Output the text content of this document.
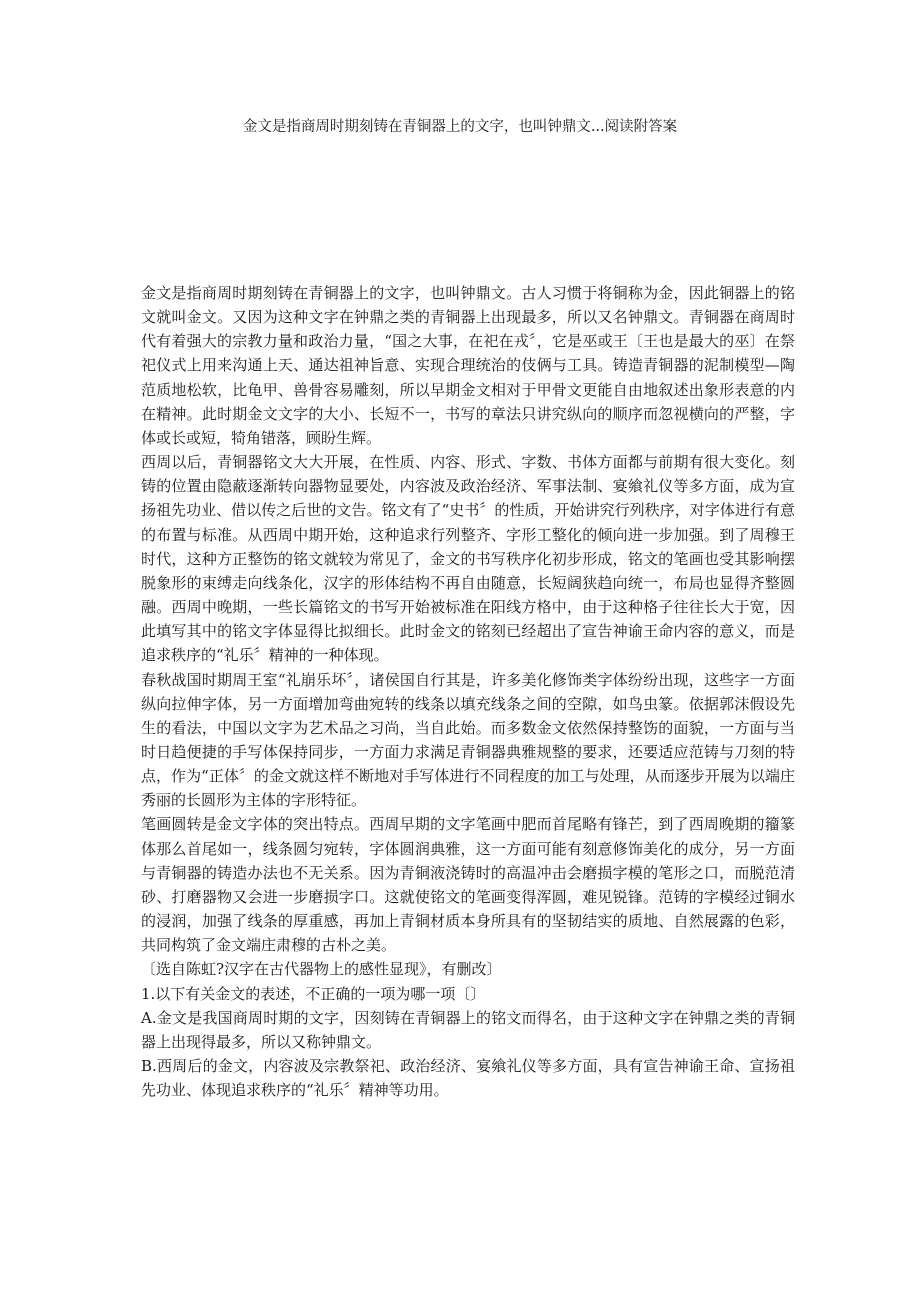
金文是指商周时期刻铸在青铜器上的文字，也叫钟鼎文...阅读附答案

金文是指商周时期刻铸在青铜器上的文字，也叫钟鼎文。古人习惯于将铜称为金，因此铜器上的铭文就叫金文。又因为这种文字在钟鼎之类的青铜器上出现最多，所以又名钟鼎文。青铜器在商周时代有着强大的宗教力量和政治力量，“国之大事，在祀在戎〞，它是巫或王〔王也是最大的巫〕在祭祀仪式上用来沟通上天、通达祖神旨意、实现合理统治的伎俩与工具。铸造青铜器的泥制模型—陶范质地松软，比龟甲、兽骨容易雕刻，所以早期金文相对于甲骨文更能自由地叙述出象形表意的内在精神。此时期金文文字的大小、长短不一，书写的章法只讲究纵向的顺序而忽视横向的严整，字体或长或短，犄角错落，顾盼生辉。

西周以后，青铜器铭文大大开展，在性质、内容、形式、字数、书体方面都与前期有很大变化。刻铸的位置由隐蔽逐渐转向器物显要处，内容波及政治经济、军事法制、宴飨礼仪等多方面，成为宣扬祖先功业、借以传之后世的文告。铭文有了“史书〞的性质，开始讲究行列秩序，对字体进行有意的布置与标准。从西周中期开始，这种追求行列整齐、字形工整化的倾向进一步加强。到了周穆王时代，这种方正整饬的铭文就较为常见了，金文的书写秩序化初步形成，铭文的笔画也受其影响摆脱象形的束缚走向线条化，汉字的形体结构不再自由随意，长短阔狭趋向统一，布局也显得齐整圆融。西周中晚期，一些长篇铭文的书写开始被标准在阳线方格中，由于这种格子往往长大于宽，因此填写其中的铭文字体显得比拟细长。此时金文的铭刻已经超出了宣告神谕王命内容的意义，而是追求秩序的“礼乐〞精神的一种体现。

春秋战国时期周王室“礼崩乐坏〞，诸侯国自行其是，许多美化修饰类字体纷纷出现，这些字一方面纵向拉伸字体，另一方面增加弯曲宛转的线条以填充线条之间的空隙，如鸟虫篆。依据郭沫假设先生的看法，中国以文字为艺术品之习尚，当自此始。而多数金文依然保持整饬的面貌，一方面与当时日趋便捷的手写体保持同步，一方面力求满足青铜器典雅规整的要求，还要适应范铸与刀刻的特点，作为“正体〞的金文就这样不断地对手写体进行不同程度的加工与处理，从而逐步开展为以端庄秀丽的长圆形为主体的字形特征。

笔画圆转是金文字体的突出特点。西周早期的文字笔画中肥而首尾略有锋芒，到了西周晚期的籀篆体那么首尾如一，线条圆匀宛转，字体圆润典雅，这一方面可能有刻意修饰美化的成分，另一方面与青铜器的铸造办法也不无关系。因为青铜液浇铸时的高温冲击会磨损字模的笔形之口，而脱范清砂、打磨器物又会进一步磨损字口。这就使铭文的笔画变得浑圆，难见锐锋。范铸的字模经过铜水的浸润，加强了线条的厚重感，再加上青铜材质本身所具有的坚韧结实的质地、自然展露的色彩，共同构筑了金文端庄肃穆的古朴之美。

〔选自陈虹?汉字在古代器物上的感性显现》，有删改〕

1.以下有关金文的表述，不正确的一项为哪一项〔〕

A.金文是我国商周时期的文字，因刻铸在青铜器上的铭文而得名，由于这种文字在钟鼎之类的青铜器上出现得最多，所以又称钟鼎文。

B.西周后的金文，内容波及宗教祭祀、政治经济、宴飨礼仪等多方面，具有宣告神谕王命、宣扬祖先功业、体现追求秩序的“礼乐〞精神等功用。
